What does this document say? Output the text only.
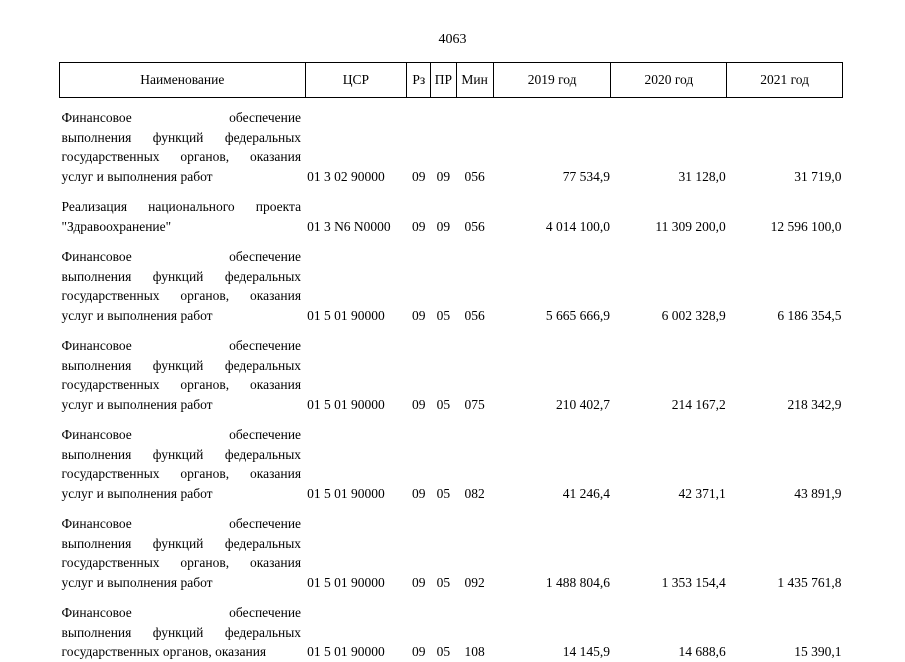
4063
Наименование	ЦСР	Рз	ПР	Мин	2019 год	2020 год	2021 год

Финансовое обеспечение
выполнения функций федеральных
государственных органов, оказания
услуг и выполнения работ	01 3 02 90000	09	09	056	77 534,9	31 128,0	31 719,0

Реализация национального проекта
"Здравоохранение"	01 3 N6 N0000	09	09	056	4 014 100,0	11 309 200,0	12 596 100,0

Финансовое обеспечение
выполнения функций федеральных
государственных органов, оказания
услуг и выполнения работ	01 5 01 90000	09	05	056	5 665 666,9	6 002 328,9	6 186 354,5

Финансовое обеспечение
выполнения функций федеральных
государственных органов, оказания
услуг и выполнения работ	01 5 01 90000	09	05	075	210 402,7	214 167,2	218 342,9

Финансовое обеспечение
выполнения функций федеральных
государственных органов, оказания
услуг и выполнения работ	01 5 01 90000	09	05	082	41 246,4	42 371,1	43 891,9

Финансовое обеспечение
выполнения функций федеральных
государственных органов, оказания
услуг и выполнения работ	01 5 01 90000	09	05	092	1 488 804,6	1 353 154,4	1 435 761,8

Финансовое обеспечение
выполнения функций федеральных
государственных органов, оказания	01 5 01 90000	09	05	108	14 145,9	14 688,6	15 390,1
